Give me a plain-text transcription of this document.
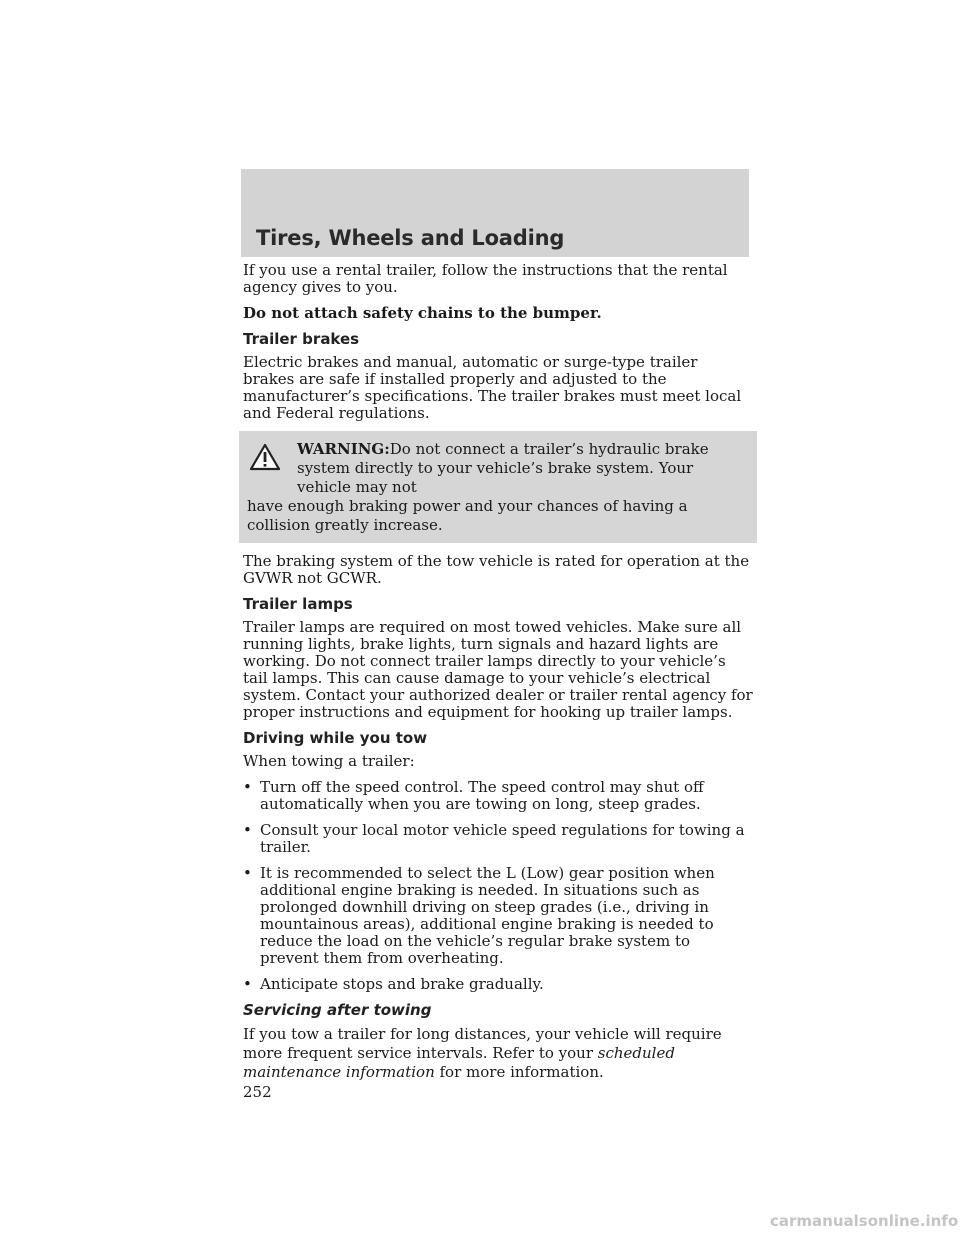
Tires, Wheels and Loading

If you use a rental trailer, follow the instructions that the rental agency gives to you.

Do not attach safety chains to the bumper.

Trailer brakes

Electric brakes and manual, automatic or surge-type trailer brakes are safe if installed properly and adjusted to the manufacturer’s specifications. The trailer brakes must meet local and Federal regulations.

WARNING:Do not connect a trailer’s hydraulic brake system directly to your vehicle’s brake system. Your vehicle may not
have enough braking power and your chances of having a collision greatly increase.

The braking system of the tow vehicle is rated for operation at the GVWR not GCWR.

Trailer lamps

Trailer lamps are required on most towed vehicles. Make sure all running lights, brake lights, turn signals and hazard lights are working. Do not connect trailer lamps directly to your vehicle’s tail lamps. This can cause damage to your vehicle’s electrical system. Contact your authorized dealer or trailer rental agency for proper instructions and equipment for hooking up trailer lamps.

Driving while you tow

When towing a trailer:

• Turn off the speed control. The speed control may shut off automatically when you are towing on long, steep grades.
• Consult your local motor vehicle speed regulations for towing a trailer.
• It is recommended to select the L (Low) gear position when additional engine braking is needed. In situations such as prolonged downhill driving on steep grades (i.e., driving in mountainous areas), additional engine braking is needed to reduce the load on the vehicle’s regular brake system to prevent them from overheating.
• Anticipate stops and brake gradually.
Servicing after towing

If you tow a trailer for long distances, your vehicle will require more frequent service intervals. Refer to your scheduled maintenance information for more information.

252
carmanualsonline.info
